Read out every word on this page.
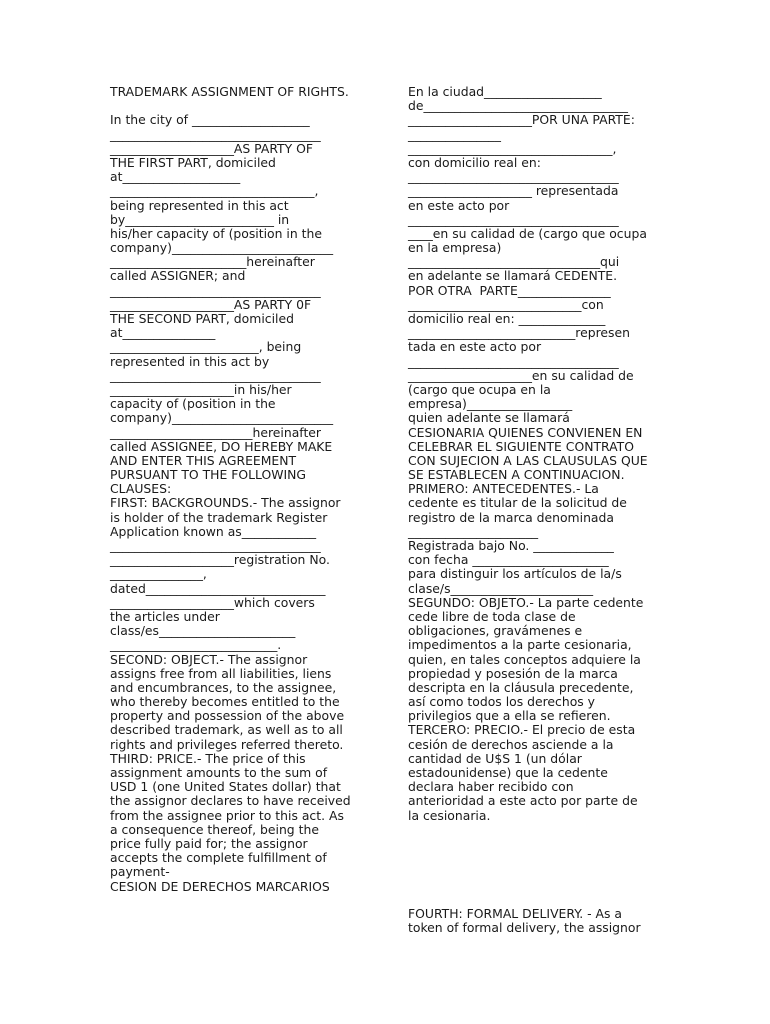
TRADEMARK ASSIGNMENT OF RIGHTS.
In the city of ___________________
__________________________________
____________________AS PARTY OF
THE FIRST PART, domiciled
at___________________
_________________________________,
being represented in this act
by________________________ in
his/her capacity of (position in the
company)__________________________
______________________hereinafter
called ASSIGNER; and
__________________________________
____________________AS PARTY 0F
THE SECOND PART, domiciled
at_______________
________________________, being
represented in this act by
__________________________________
____________________in his/her
capacity of (position in the
company)__________________________
_______________________hereinafter
called ASSIGNEE, DO HEREBY MAKE
AND ENTER THIS AGREEMENT
PURSUANT TO THE FOLLOWING
CLAUSES:
FIRST: BACKGROUNDS.- The assignor
is holder of the trademark Register
Application known as____________
__________________________________
____________________registration No.
_______________,
dated_____________________________
____________________which covers
the articles under
class/es______________________
___________________________.
SECOND: OBJECT.- The assignor
assigns free from all liabilities, liens
and encumbrances, to the assignee,
who thereby becomes entitled to the
property and possession of the above
described trademark, as well as to all
rights and privileges referred thereto.
THIRD: PRICE.- The price of this
assignment amounts to the sum of
USD 1 (one United States dollar) that
the assignor declares to have received
from the assignee prior to this act. As
a consequence thereof, being the
price fully paid for; the assignor
accepts the complete fulfillment of
payment-
CESION DE DERECHOS MARCARIOS
En la ciudad___________________
de_________________________________
____________________POR UNA PARTE:
_______________
_________________________________,
con domicilio real en:
__________________________________
____________________ representada
en este acto por
__________________________________
____en su calidad de (cargo que ocupa
en la empresa)
_______________________________qui
en adelante se llamará CEDENTE.
POR OTRA  PARTE_______________
____________________________con
domicilio real en: ______________
___________________________represen
tada en este acto por
__________________________________
____________________en su calidad de
(cargo que ocupa en la
empresa)_________________
quien adelante se llamará
CESIONARIA QUIENES CONVIENEN EN
CELEBRAR EL SIGUIENTE CONTRATO
CON SUJECION A LAS CLAUSULAS QUE
SE ESTABLECEN A CONTINUACION.
PRIMERO: ANTECEDENTES.- La
cedente es titular de la solicitud de
registro de la marca denominada
_____________________
Registrada bajo No. _____________
con fecha ______________________
para distinguir los artículos de la/s
clase/s_______________________
SEGUNDO: OBJETO.- La parte cedente
cede libre de toda clase de
obligaciones, gravámenes e
impedimentos a la parte cesionaria,
quien, en tales conceptos adquiere la
propiedad y posesión de la marca
descripta en la cláusula precedente,
así como todos los derechos y
privilegios que a ella se refieren.
TERCERO: PRECIO.- El precio de esta
cesión de derechos asciende a la
cantidad de U$S 1 (un dólar
estadounidense) que la cedente
declara haber recibido con
anterioridad a este acto por parte de
la cesionaria.
FOURTH: FORMAL DELIVERY. - As a
token of formal delivery, the assignor
